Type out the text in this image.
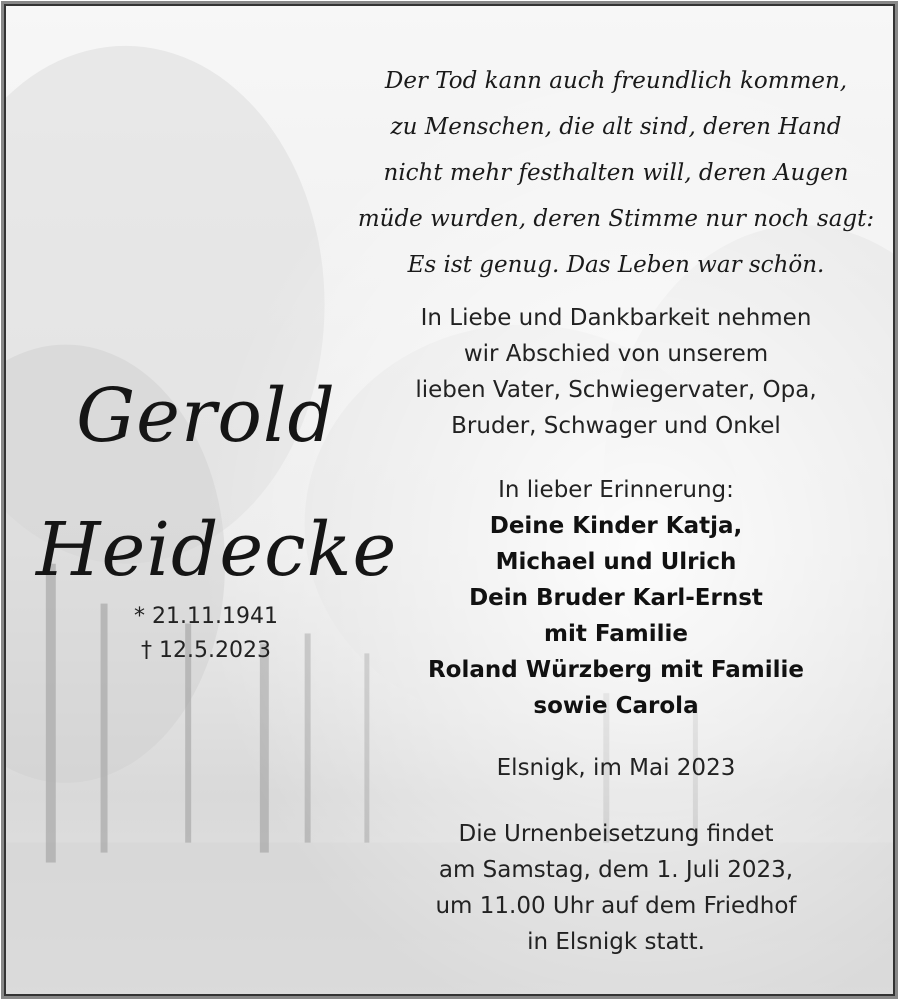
Der Tod kann auch freundlich kommen,
zu Menschen, die alt sind, deren Hand
nicht mehr festhalten will, deren Augen
müde wurden, deren Stimme nur noch sagt:
Es ist genug. Das Leben war schön.
Gerold
Heidecke
* 21.11.1941
† 12.5.2023
In Liebe und Dankbarkeit nehmen
wir Abschied von unserem
lieben Vater, Schwiegervater, Opa,
Bruder, Schwager und Onkel
In lieber Erinnerung:
Deine Kinder Katja,
Michael und Ulrich
Dein Bruder Karl-Ernst
mit Familie
Roland Würzberg mit Familie
sowie Carola
Elsnigk, im Mai 2023
Die Urnenbeisetzung findet
am Samstag, dem 1. Juli 2023,
um 11.00 Uhr auf dem Friedhof
in Elsnigk statt.
